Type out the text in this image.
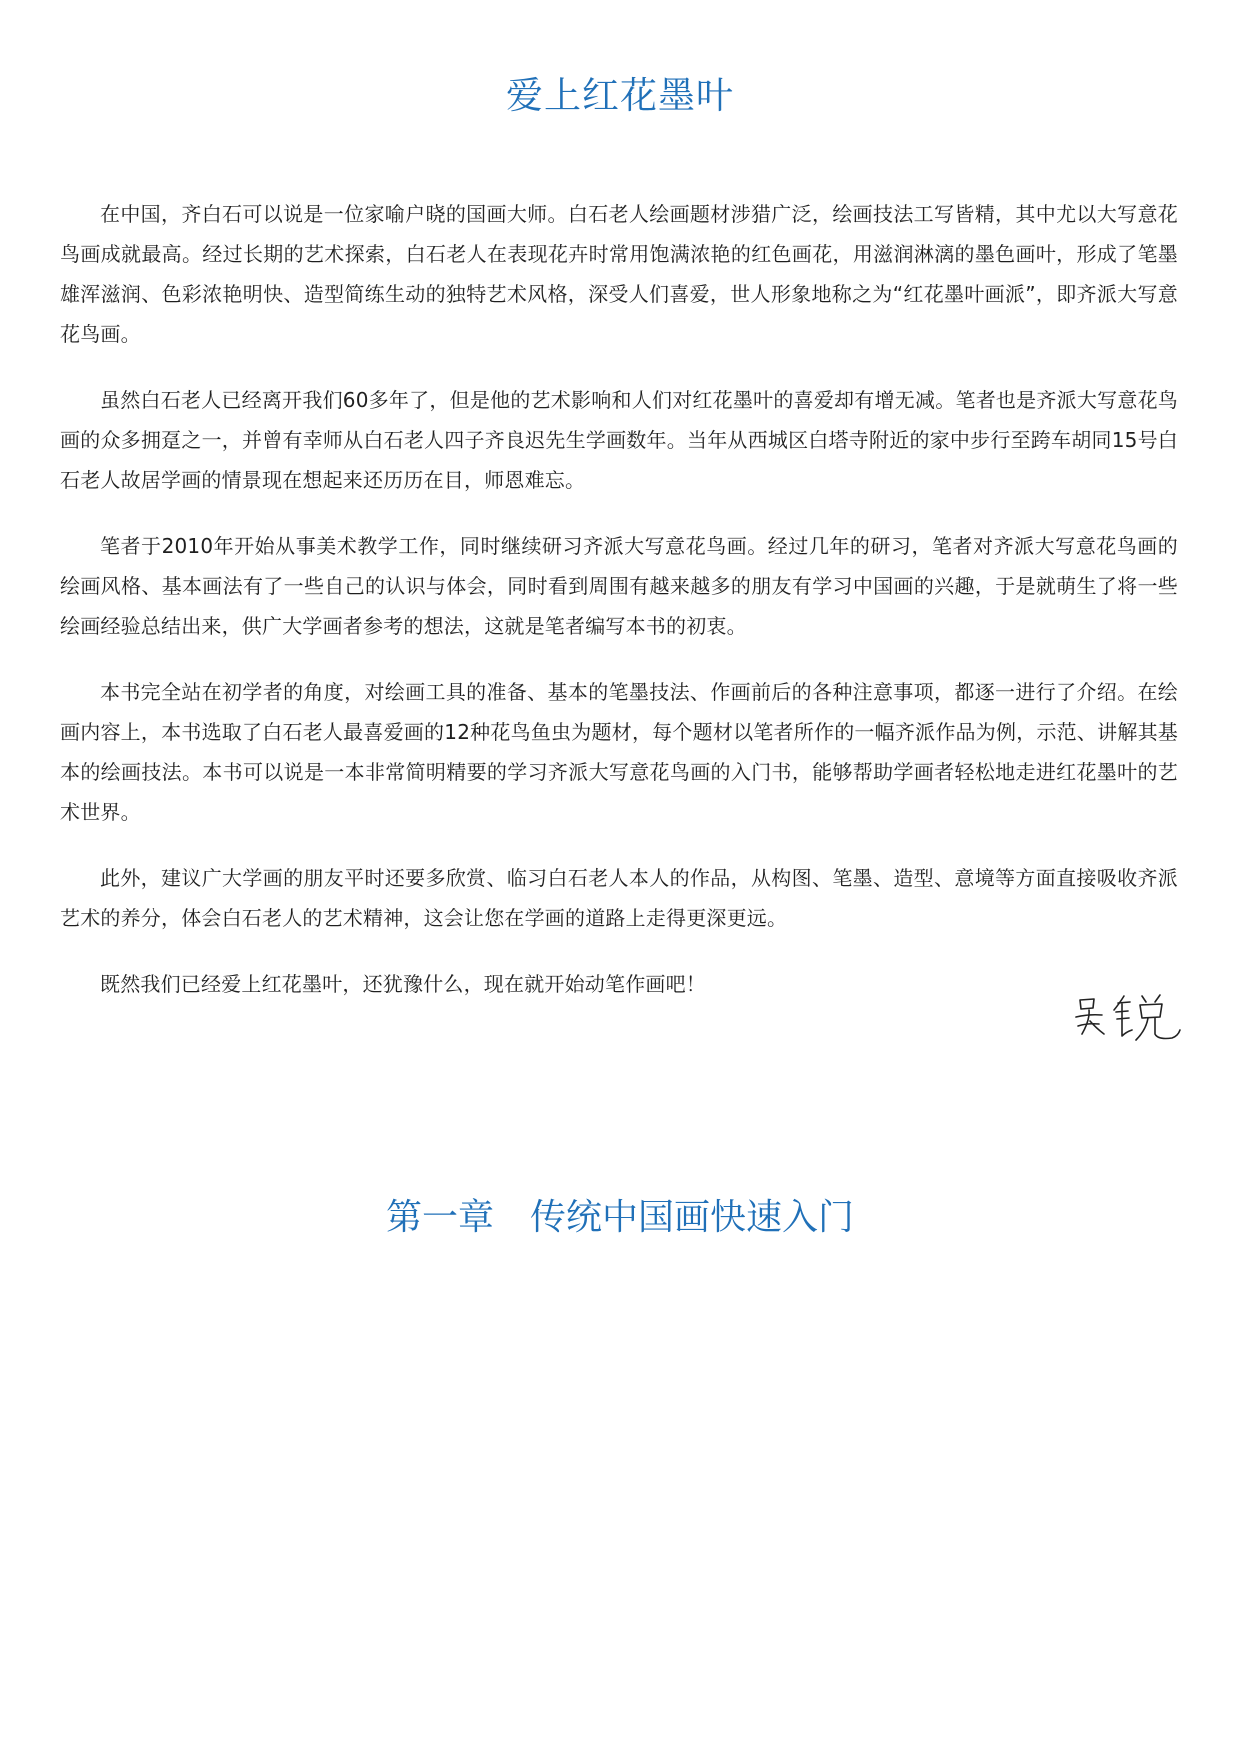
爱上红花墨叶

在中国，齐白石可以说是一位家喻户晓的国画大师。白石老人绘画题材涉猎广泛，绘画技法工写皆精，其中尤以大写意花鸟画成就最高。经过长期的艺术探索，白石老人在表现花卉时常用饱满浓艳的红色画花，用滋润淋漓的墨色画叶，形成了笔墨雄浑滋润、色彩浓艳明快、造型简练生动的独特艺术风格，深受人们喜爱，世人形象地称之为“红花墨叶画派”，即齐派大写意花鸟画。

虽然白石老人已经离开我们60多年了，但是他的艺术影响和人们对红花墨叶的喜爱却有增无减。笔者也是齐派大写意花鸟画的众多拥趸之一，并曾有幸师从白石老人四子齐良迟先生学画数年。当年从西城区白塔寺附近的家中步行至跨车胡同15号白石老人故居学画的情景现在想起来还历历在目，师恩难忘。

笔者于2010年开始从事美术教学工作，同时继续研习齐派大写意花鸟画。经过几年的研习，笔者对齐派大写意花鸟画的绘画风格、基本画法有了一些自己的认识与体会，同时看到周围有越来越多的朋友有学习中国画的兴趣，于是就萌生了将一些绘画经验总结出来，供广大学画者参考的想法，这就是笔者编写本书的初衷。

本书完全站在初学者的角度，对绘画工具的准备、基本的笔墨技法、作画前后的各种注意事项，都逐一进行了介绍。在绘画内容上，本书选取了白石老人最喜爱画的12种花鸟鱼虫为题材，每个题材以笔者所作的一幅齐派作品为例，示范、讲解其基本的绘画技法。本书可以说是一本非常简明精要的学习齐派大写意花鸟画的入门书，能够帮助学画者轻松地走进红花墨叶的艺术世界。

此外，建议广大学画的朋友平时还要多欣赏、临习白石老人本人的作品，从构图、笔墨、造型、意境等方面直接吸收齐派艺术的养分，体会白石老人的艺术精神，这会让您在学画的道路上走得更深更远。

既然我们已经爱上红花墨叶，还犹豫什么，现在就开始动笔作画吧！

第一章　传统中国画快速入门
